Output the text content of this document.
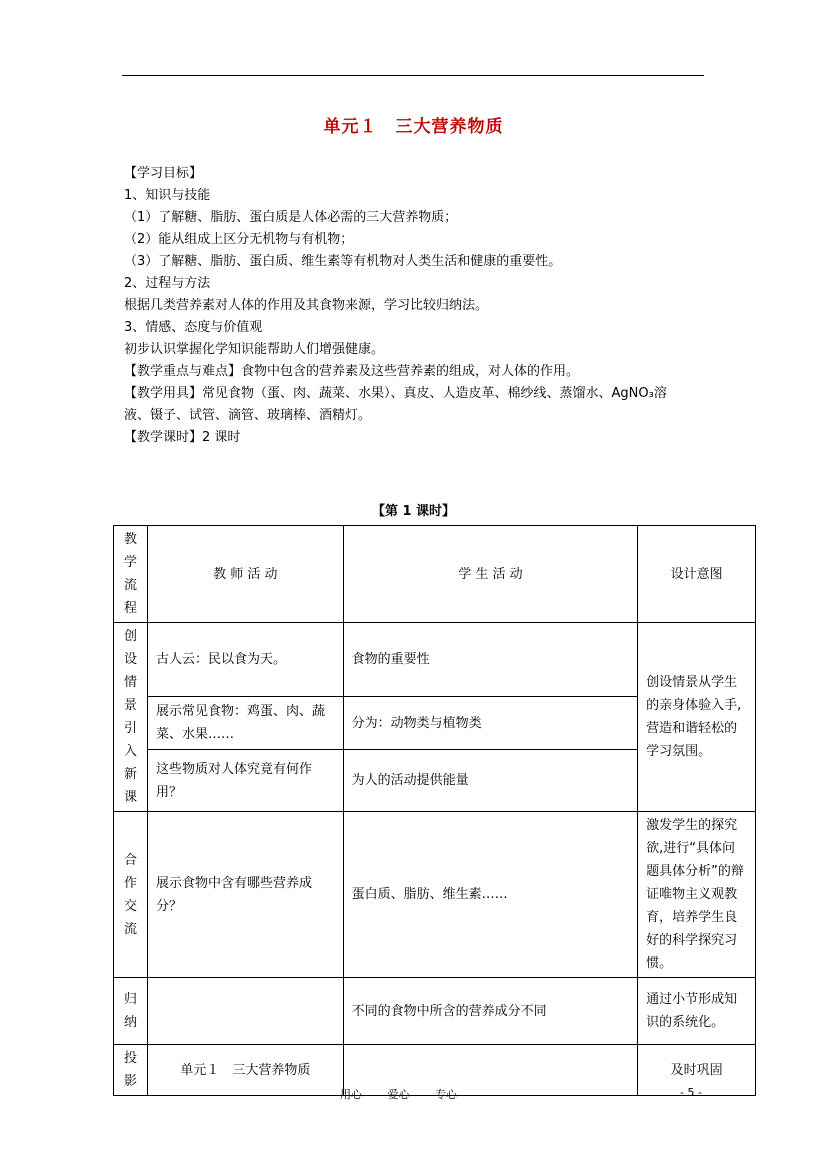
单元１　三大营养物质
【学习目标】
1、知识与技能
（1）了解糖、脂肪、蛋白质是人体必需的三大营养物质；
（2）能从组成上区分无机物与有机物；
（3）了解糖、脂肪、蛋白质、维生素等有机物对人类生活和健康的重要性。
2、过程与方法
根据几类营养素对人体的作用及其食物来源，学习比较归纳法。
3、情感、态度与价值观
初步认识掌握化学知识能帮助人们增强健康。
【教学重点与难点】食物中包含的营养素及这些营养素的组成，对人体的作用。
【教学用具】常见食物（蛋、肉、蔬菜、水果）、真皮、人造皮革、棉纱线、蒸馏水、AgNO₃溶
液、镊子、试管、滴管、玻璃棒、酒精灯。
【教学课时】2 课时
【第 1 课时】
教学流程	教 师 活 动	学 生 活 动	设计意图

创设情景引入新课	古人云：民以食为天。	食物的重要性	创设情景从学生的亲身体验入手,营造和谐轻松的学习氛围。
	展示常见食物：鸡蛋、肉、蔬菜、水果……	分为：动物类与植物类	
	这些物质对人体究竟有何作用？	为人的活动提供能量	

合作交流	展示食物中含有哪些营养成分？	蛋白质、脂肪、维生素……	激发学生的探究欲,进行“具体问题具体分析”的辩证唯物主义观教育，培养学生良好的科学探究习惯。

归纳		不同的食物中所含的营养成分不同	通过小节形成知识的系统化。

投影	单元１　三大营养物质		及时巩固
用心 爱心 专心	- 5 -
